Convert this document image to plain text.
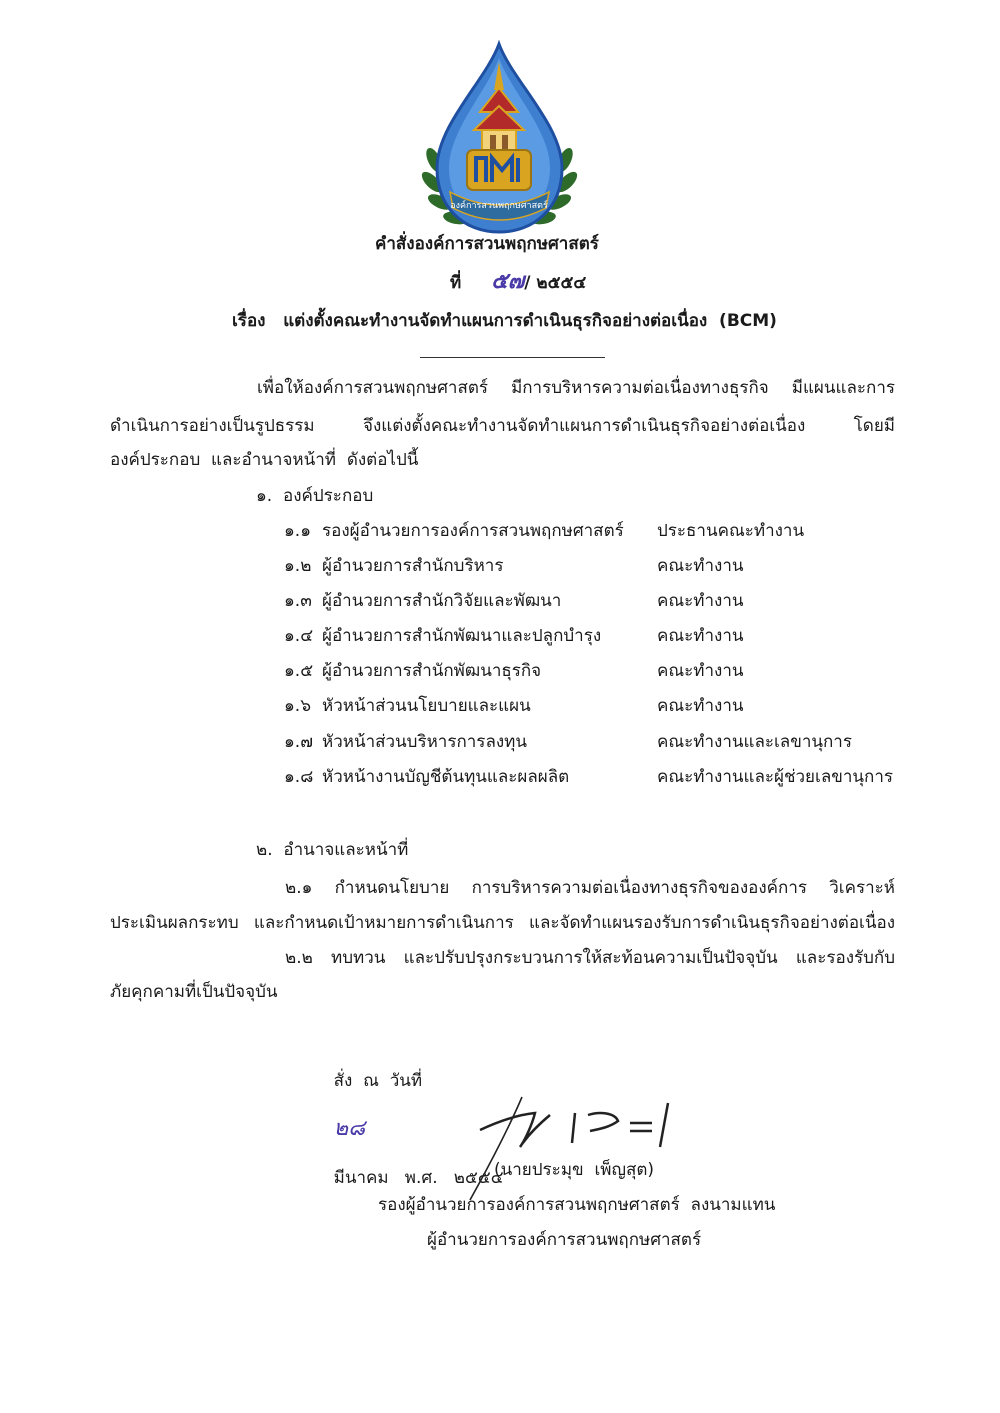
องค์การสวนพฤกษศาสตร์
คำสั่งองค์การสวนพฤกษศาสตร์
ที่ ๕๗/ ๒๕๕๔
เรื่อง   แต่งตั้งคณะทำงานจัดทำแผนการดำเนินธุรกิจอย่างต่อเนื่อง  (BCM)
เพื่อให้องค์การสวนพฤกษศาสตร์ มีการบริหารความต่อเนื่องทางธุรกิจ มีแผนและการ
ดำเนินการอย่างเป็นรูปธรรม จึงแต่งตั้งคณะทำงานจัดทำแผนการดำเนินธุรกิจอย่างต่อเนื่อง โดยมี
องค์ประกอบ  และอำนาจหน้าที่  ดังต่อไปนี้
๑.  องค์ประกอบ
๑.๑ รองผู้อำนวยการองค์การสวนพฤกษศาสตร์ ประธานคณะทำงาน
๑.๒ ผู้อำนวยการสำนักบริหาร	คณะทำงาน
๑.๓ ผู้อำนวยการสำนักวิจัยและพัฒนา	คณะทำงาน
๑.๔ ผู้อำนวยการสำนักพัฒนาและปลูกบำรุง	คณะทำงาน
๑.๕ ผู้อำนวยการสำนักพัฒนาธุรกิจ	คณะทำงาน
๑.๖ หัวหน้าส่วนนโยบายและแผน	คณะทำงาน
๑.๗ หัวหน้าส่วนบริหารการลงทุน	คณะทำงานและเลขานุการ
๑.๘ หัวหน้างานบัญชีต้นทุนและผลผลิต	คณะทำงานและผู้ช่วยเลขานุการ
๒.  อำนาจและหน้าที่
๒.๑ กำหนดนโยบาย การบริหารความต่อเนื่องทางธุรกิจขององค์การ วิเคราะห์
ประเมินผลกระทบ และกำหนดเป้าหมายการดำเนินการ และจัดทำแผนรองรับการดำเนินธุรกิจอย่างต่อเนื่อง
๒.๒ ทบทวน และปรับปรุงกระบวนการให้สะท้อนความเป็นปัจจุบัน และรองรับกับ
ภัยคุกคามที่เป็นปัจจุบัน

สั่ง  ณ  วันที่

๒๘

มีนาคม   พ.ศ.   ๒๕๕๔

(นายประมุข  เพ็ญสุต)
รองผู้อำนวยการองค์การสวนพฤกษศาสตร์  ลงนามแทน
ผู้อำนวยการองค์การสวนพฤกษศาสตร์
